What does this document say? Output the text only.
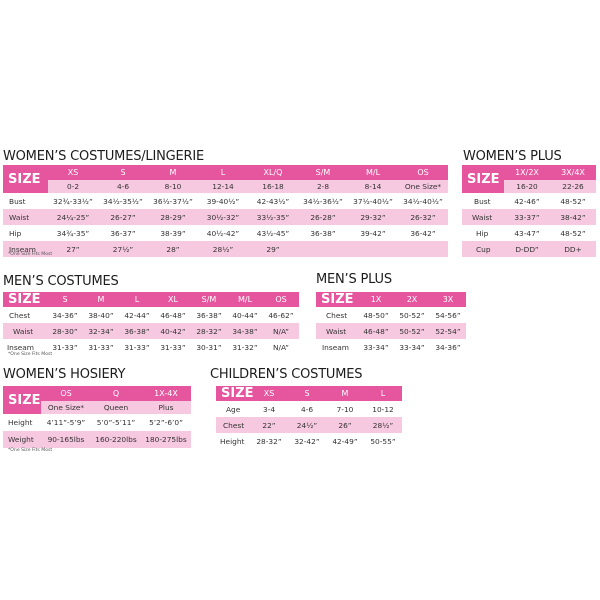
WOMEN’S COSTUMES/LINGERIE
SIZE	XS	S	M	L	XL/Q	S/M	M/L	OS
	0-2	4-6	8-10	12-14	16-18	2-8	8-14	One Size*
Bust	32¾-33½”	34½-35½”	36½-37½”	39-40½”	42-43½”	34½-36½”	37½-40½”	34½-40½”
Waist	24¼-25”	26-27”	28-29”	30½-32”	33½-35”	26-28”	29-32”	26-32”
Hip	34¾-35”	36-37”	38-39”	40½-42”	43½-45”	36-38”	39-42”	36-42”
Inseam	27”	27½”	28”	28½”	29”			
*One Size Fits Most
WOMEN’S PLUS
SIZE	1X/2X	3X/4X
	16-20	22-26
Bust	42-46”	48-52”
Waist	33-37”	38-42”
Hip	43-47”	48-52”
Cup	D-DD”	DD+
MEN’S COSTUMES
SIZE	S	M	L	XL	S/M	M/L	OS
Chest	34-36”	38-40”	42-44”	46-48”	36-38”	40-44”	46-62”
Waist	28-30”	32-34”	36-38”	40-42”	28-32”	34-38”	N/A”
Inseam	31-33”	31-33”	31-33”	31-33”	30-31”	31-32”	N/A”
*One Size Fits Most
MEN’S PLUS
SIZE	1X	2X	3X
Chest	48-50”	50-52”	54-56”
Waist	46-48”	50-52”	52-54”
Inseam	33-34”	33-34”	34-36”
WOMEN’S HOSIERY
SIZE	OS	Q	1X-4X
	One Size*	Queen	Plus
Height	4’11”-5’9”	5’0”-5’11”	5’2”-6’0”
Weight	90-165lbs	160-220lbs	180-275lbs
*One Size Fits Most
CHILDREN’S COSTUMES
SIZE	XS	S	M	L
Age	3-4	4-6	7-10	10-12
Chest	22”	24½”	26”	28½”
Height	28-32”	32-42”	42-49”	50-55”
